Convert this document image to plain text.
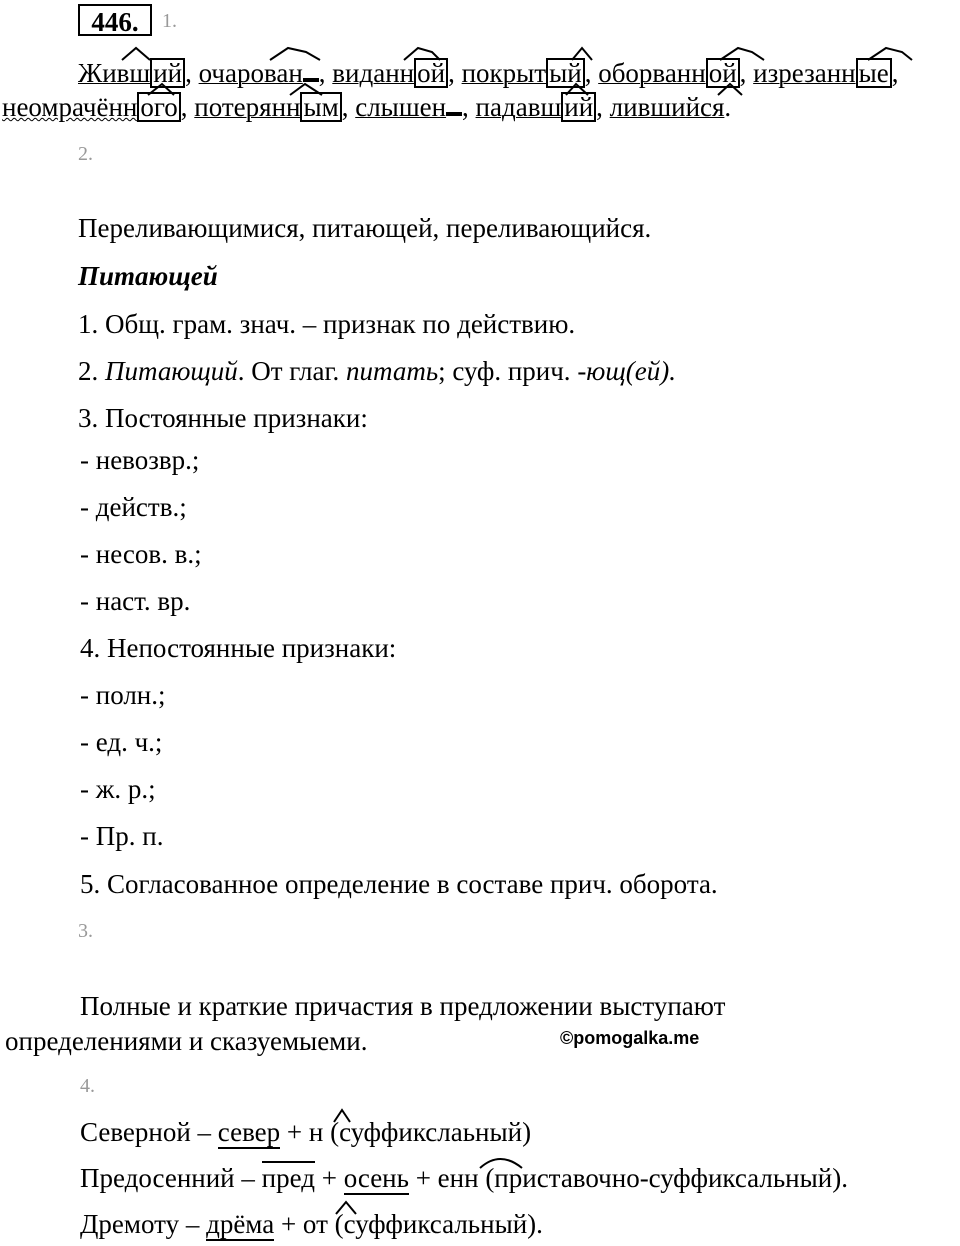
446.	1.
Живш ий , очарован , виданн ой , покрыт ый , оборванн ой , изрезанн ые ,
неомрачённ ого , потерянн ым , слышен , падавш ий , лившийся.
2.
Переливающимися, питающей, переливающийся.
Питающей
1. Общ. грам. знач. – признак по действию.
2. Питающий. От глаг. питать; суф. прич. -ющ(ей).
3. Постоянные признаки:
- невозвр.;
- действ.;
- несов. в.;
- наст. вр.
4. Непостоянные признаки:
- полн.;
- ед. ч.;
- ж. р.;
- Пр. п.
5. Согласованное определение в составе прич. оборота.
3.
Полные и краткие причастия в предложении выступают
определениями и сказуемыеми.	©pomogalka.me
4.
Северной – север + н (суффикслаьный)
Предосенний – пред + осень + енн (приставочно-суффиксальный).
Дремоту – дрёма + от (суффиксальный).
